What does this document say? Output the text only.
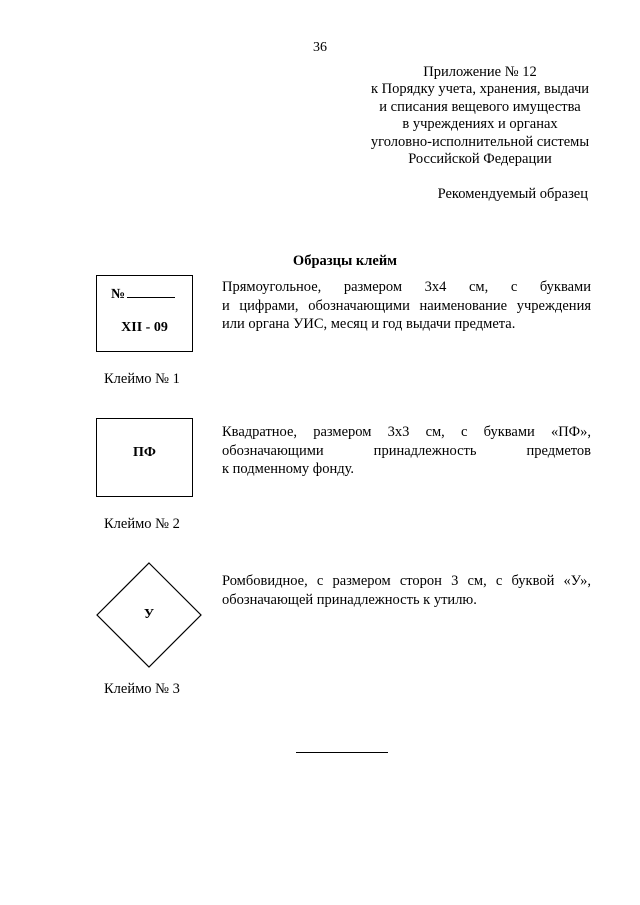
36
Приложение № 12
к Порядку учета, хранения, выдачи
и списания вещевого имущества
в учреждениях и органах
уголовно-исполнительной системы
Российской Федерации
Рекомендуемый образец
Образцы клейм
№
XII - 09
Прямоугольное, размером 3х4 см, с буквами
и цифрами, обозначающими наименование учреждения
или органа УИС, месяц и год выдачи предмета.
Клеймо № 1
ПФ
Квадратное, размером 3х3 см, с буквами «ПФ»,
обозначающими принадлежность предметов
к подменному фонду.
Клеймо № 2
У
Ромбовидное, с размером сторон 3 см, с буквой «У»,
обозначающей принадлежность к утилю.
Клеймо № 3
